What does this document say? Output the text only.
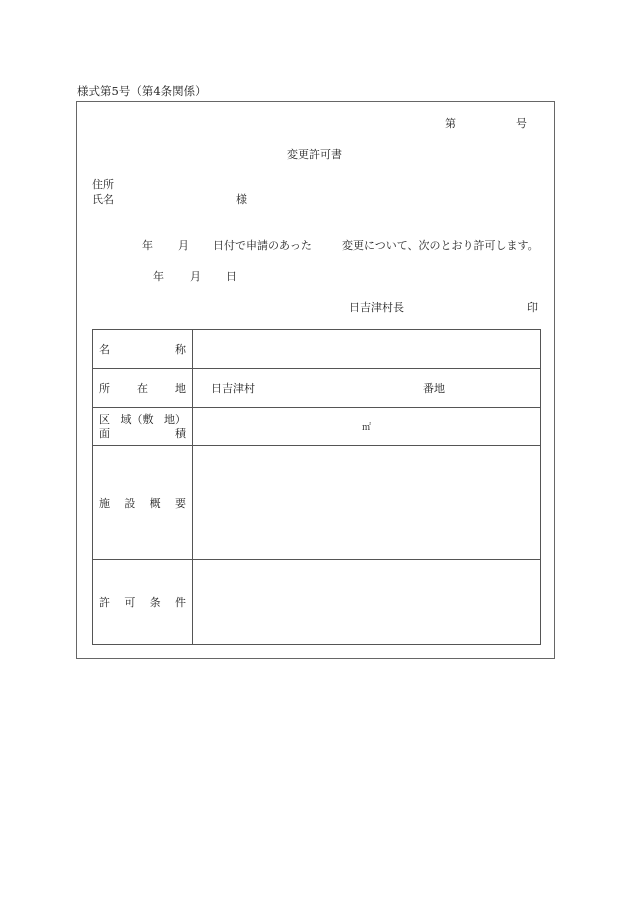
様式第5号（第4条関係）
第	号
変更許可書
住所
氏名	様
年 月 日付で申請のあった	変更について、次のとおり許可します。
年 月 日
日吉津村長	印
名 称	

所 在 地	日吉津村 番地

区 域（敷 地）
面 積	㎡

施 設 概 要	

許 可 条 件	
